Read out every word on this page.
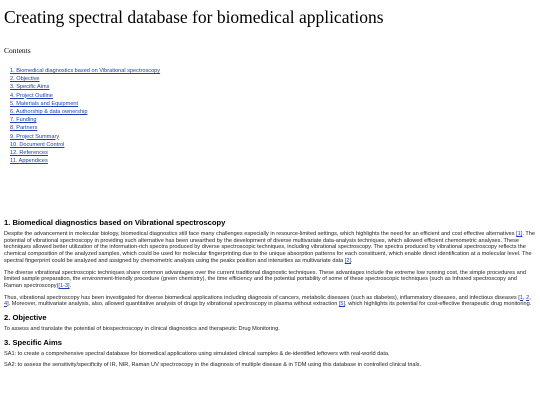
Creating spectral database for biomedical applications
Contents
1. Biomedical diagnostics based on Vibrational spectroscopy
2. Objective
3. Specific Aims
4. Project Outline
5. Materials and Equipment
6. Authorship & data ownership
7. Funding
8. Partners
9. Project Summary
10. Document Control
12. References
11. Appendices
1. Biomedical diagnostics based on Vibrational spectroscopy

Despite the advancement in molecular biology, biomedical diagnostics still face many challenges especially in resource-limited settings, which highlights the need for an efficient and cost effective alternatives [1]. The potential of vibrational spectroscopy in providing such alternative has been unearthed by the development of diverse multivariate data-analysis techniques, which allowed efficient chemometric analyses. These techniques allowed better utilization of the information-rich spectra produced by diverse spectroscopic techniques, including vibrational spectroscopy. The spectra produced by vibrational spectroscopy reflects the chemical composition of the analyzed samples, which could be used for molecular fingerprinting due to the unique absorption patterns for each constituent, which enable direct identification at a molecular level. The spectral fingerprint could be analyzed and assigned by chemometric analysis using the peaks position and intensities as multivariate data [2].

The diverse vibrational spectroscopic techniques share common advantages over the current traditional diagnostic techniques. These advantages include the extreme low running cost, the simple procedures and limited sample preparation, the environment-friendly procedure (green chemistry), the time efficiency and the potential portability of some of these spectroscopic techniques (such as Infrared spectroscopy and Raman spectroscopy)[1-3].

Thus, vibrational spectroscopy has been investigated for diverse biomedical applications including diagnosis of cancers, metabolic diseases (such as diabetes), inflammatory diseases, and infectious diseases [1, 2, 4]. Moreover, multivariate analysis, also, allowed quantitative analysis of drugs by vibrational spectroscopy in plasma without extraction [5], which highlights its potential for cost-effective therapeutic drug monitoring.

2. Objective

To assess and translate the potential of biospectroscopy in clinical diagnostics and therapeutic Drug Monitoring.

3. Specific Aims

SA1: to create a comprehensive spectral database for biomedical applications using simulated clinical samples & de-identified leftovers with real-world data.

SA2: to assess the sensitivity/specificity of IR, NIR, Raman UV spectroscopy in the diagnosis of multiple disease & in TDM using this database in controlled clinical trials.
